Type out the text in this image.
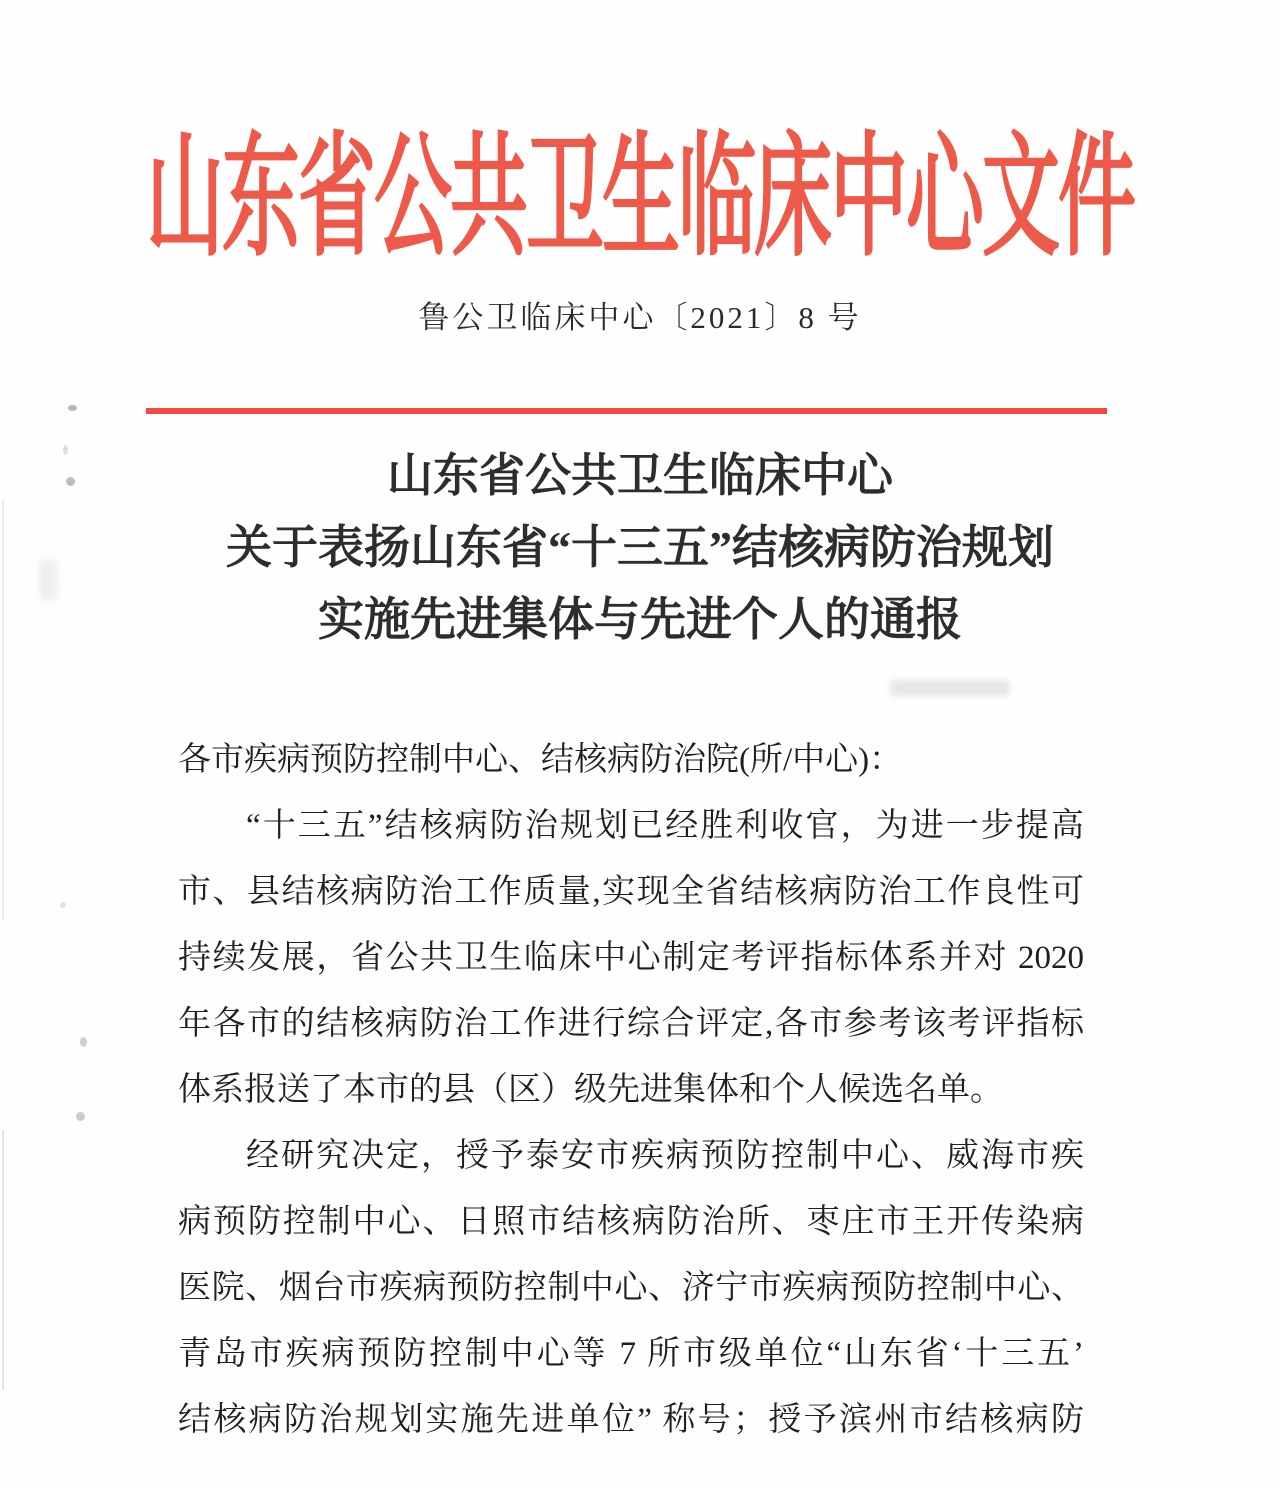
山东省公共卫生临床中心文件
鲁公卫临床中心〔2021〕8 号
山东省公共卫生临床中心
关于表扬山东省“十三五”结核病防治规划
实施先进集体与先进个人的通报
各市疾病预防控制中心、结核病防治院(所/中心)：
“十三五”结核病防治规划已经胜利收官，为进一步提高
市、县结核病防治工作质量,实现全省结核病防治工作良性可
持续发展，省公共卫生临床中心制定考评指标体系并对 2020
年各市的结核病防治工作进行综合评定,各市参考该考评指标
体系报送了本市的县（区）级先进集体和个人候选名单。
经研究决定，授予泰安市疾病预防控制中心、威海市疾
病预防控制中心、日照市结核病防治所、枣庄市王开传染病
医院、烟台市疾病预防控制中心、济宁市疾病预防控制中心、
青岛市疾病预防控制中心等 7 所市级单位“山东省‘十三五’
结核病防治规划实施先进单位” 称号；授予滨州市结核病防
